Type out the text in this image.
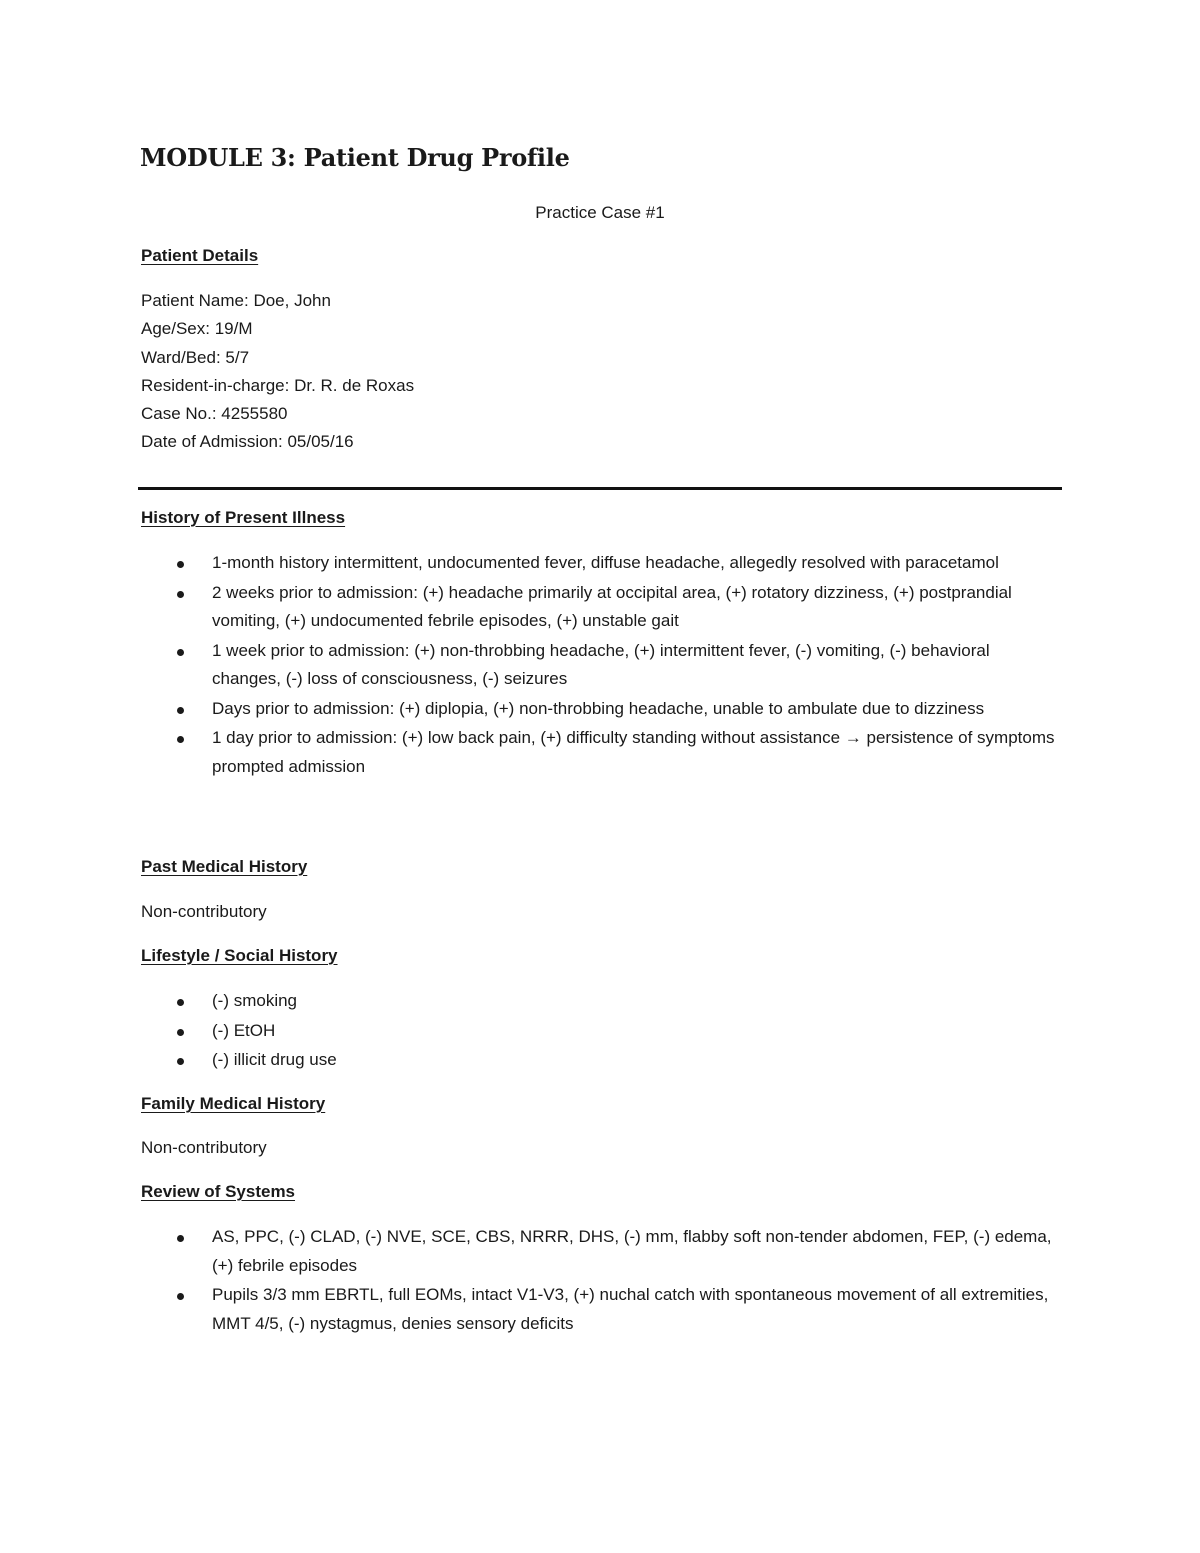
MODULE 3: Patient Drug Profile
Practice Case #1
Patient Details
Patient Name: Doe, John
Age/Sex: 19/M
Ward/Bed: 5/7
Resident-in-charge: Dr. R. de Roxas
Case No.: 4255580
Date of Admission: 05/05/16
History of Present Illness
1-month history intermittent, undocumented fever, diffuse headache, allegedly resolved with paracetamol
2 weeks prior to admission: (+) headache primarily at occipital area, (+) rotatory dizziness, (+) postprandial vomiting, (+) undocumented febrile episodes, (+) unstable gait
1 week prior to admission: (+) non-throbbing headache, (+) intermittent fever, (-) vomiting, (-) behavioral changes, (-) loss of consciousness, (-) seizures
Days prior to admission: (+) diplopia, (+) non-throbbing headache, unable to ambulate due to dizziness
1 day prior to admission: (+) low back pain, (+) difficulty standing without assistance → persistence of symptoms prompted admission
Past Medical History

Non-contributory

Lifestyle / Social History
(-) smoking
(-) EtOH
(-) illicit drug use
Family Medical History

Non-contributory

Review of Systems
AS, PPC, (-) CLAD, (-) NVE, SCE, CBS, NRRR, DHS, (-) mm, flabby soft non-tender abdomen, FEP, (-) edema, (+) febrile episodes
Pupils 3/3 mm EBRTL, full EOMs, intact V1-V3, (+) nuchal catch with spontaneous movement of all extremities, MMT 4/5, (-) nystagmus, denies sensory deficits
